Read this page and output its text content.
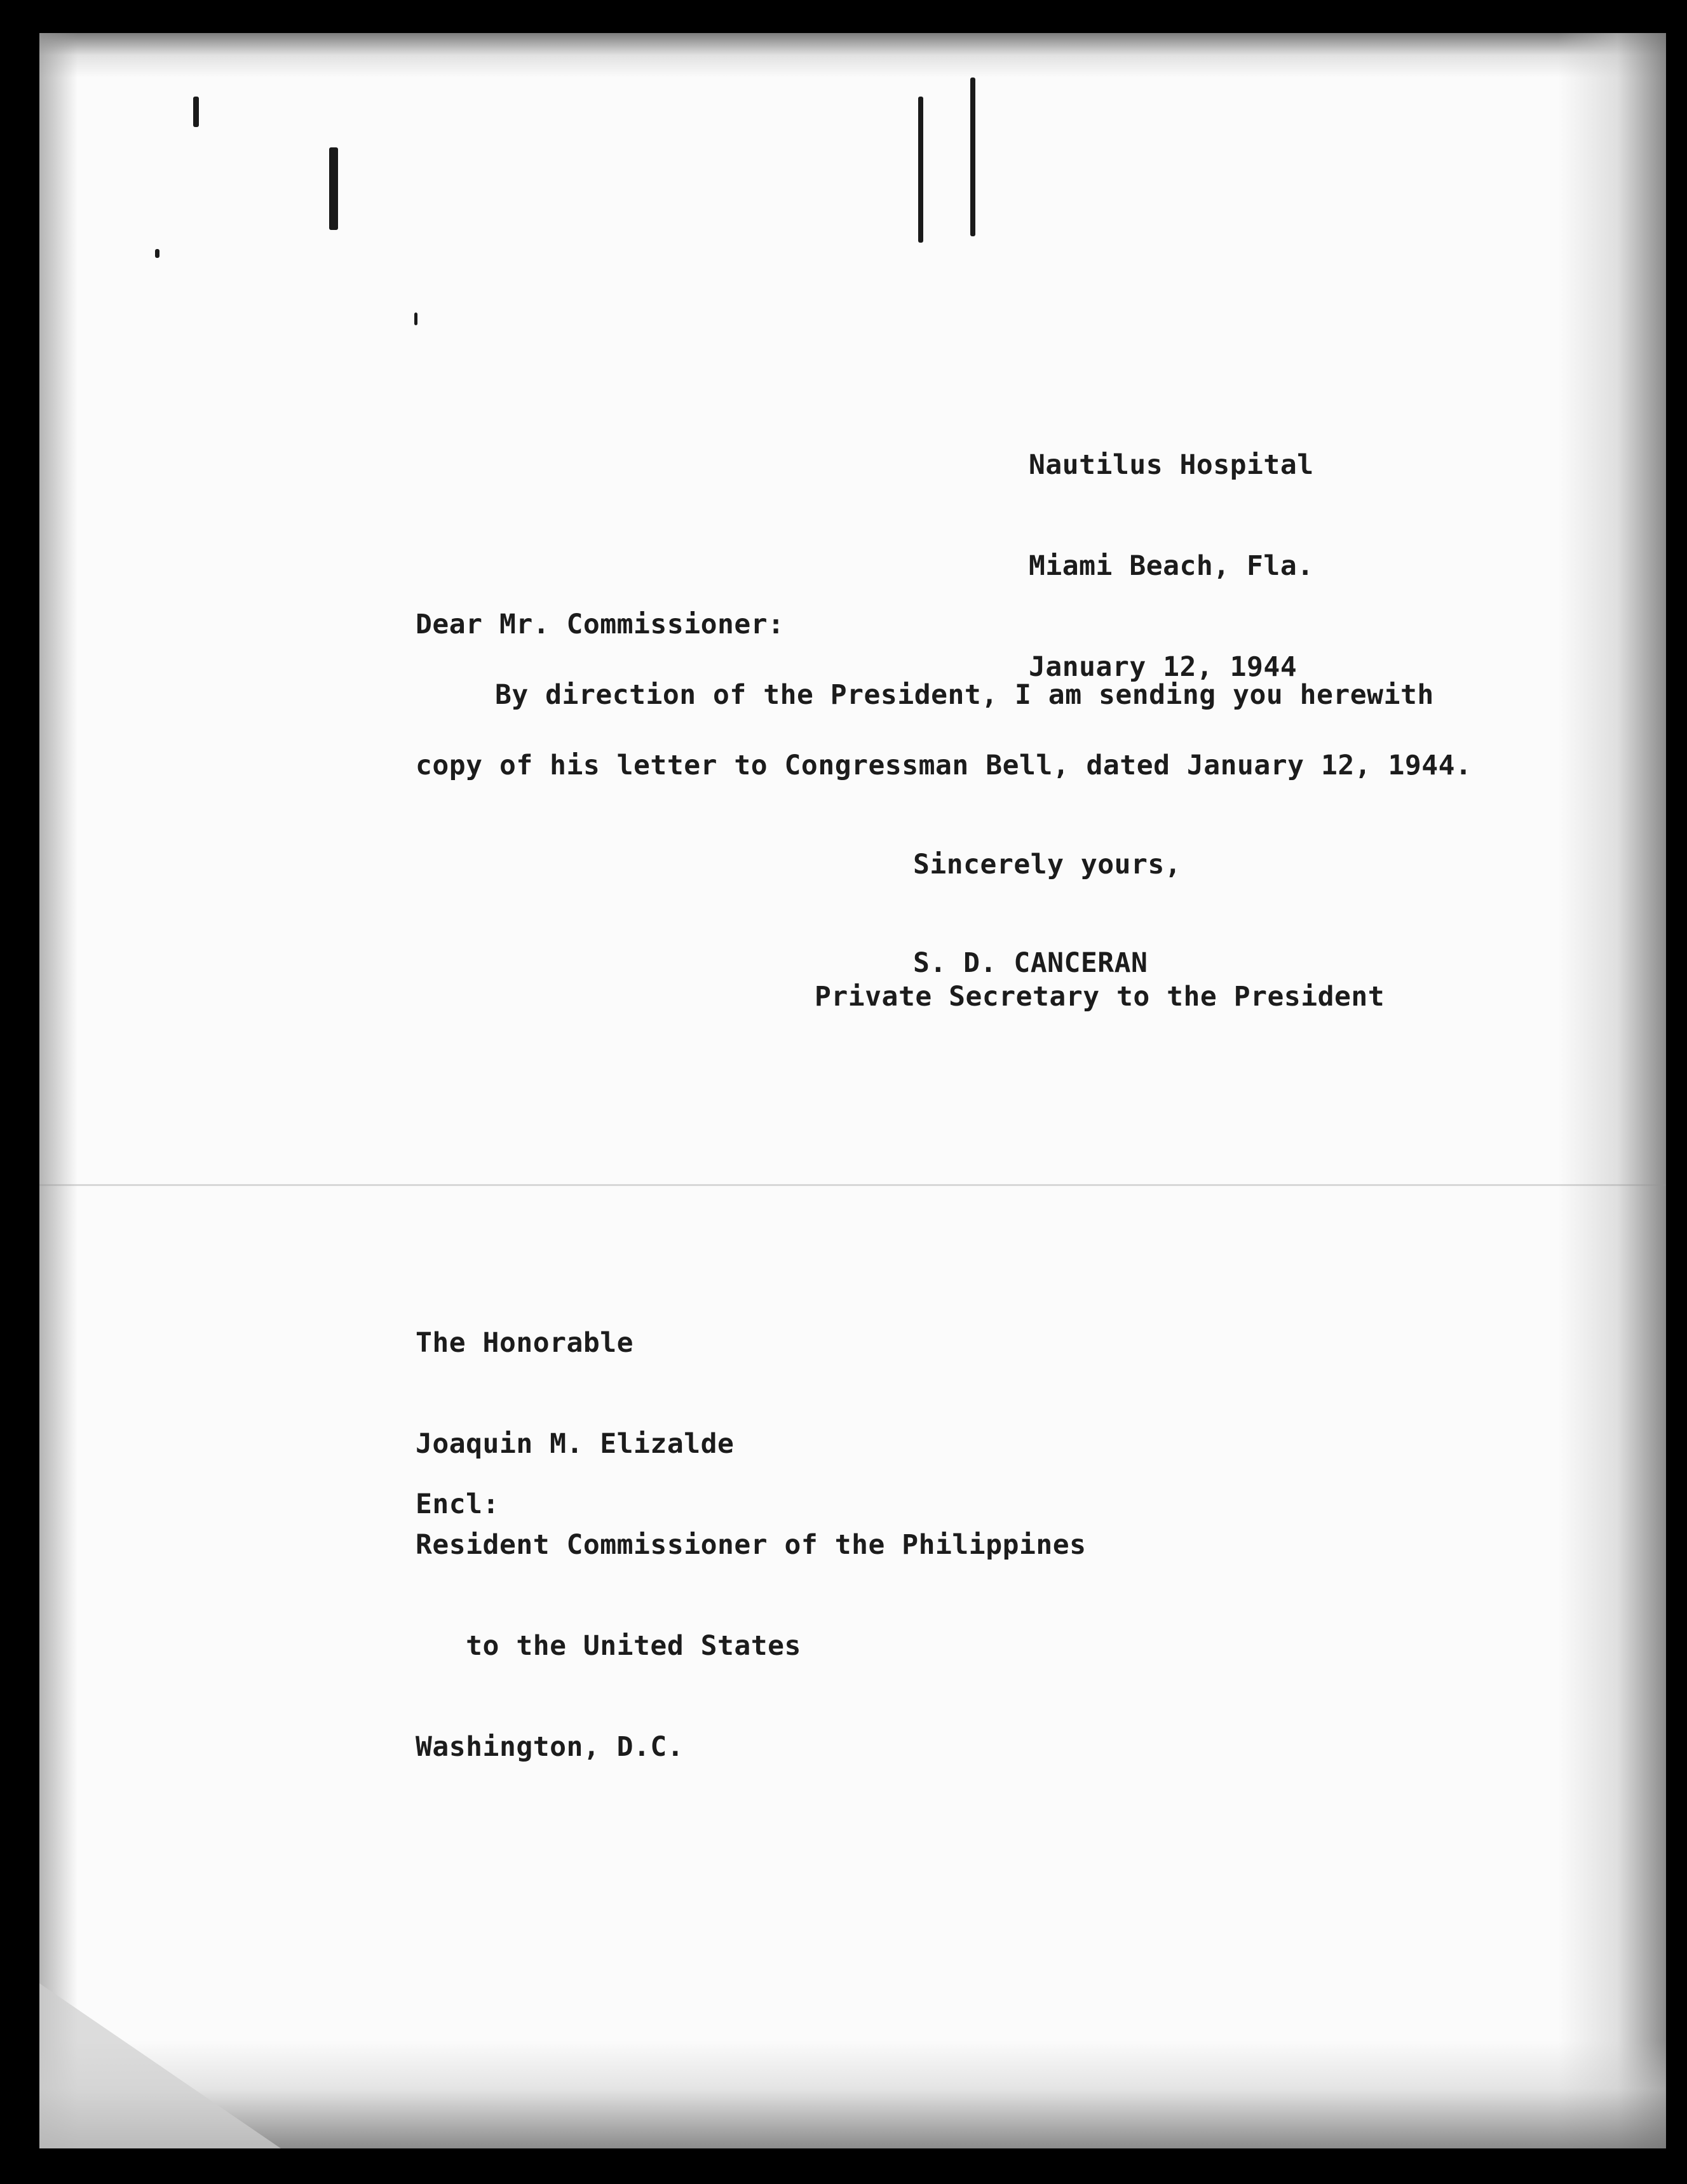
Nautilus Hospital

Miami Beach, Fla.

January 12, 1944

Dear Mr. Commissioner:
By direction of the President, I am sending you herewith
copy of his letter to Congressman Bell, dated January 12, 1944.
Sincerely yours,
S. D. CANCERAN
Private Secretary to the President

The Honorable

Joaquin M. Elizalde

Resident Commissioner of the Philippines

to the United States

Washington, D.C.

Encl:
